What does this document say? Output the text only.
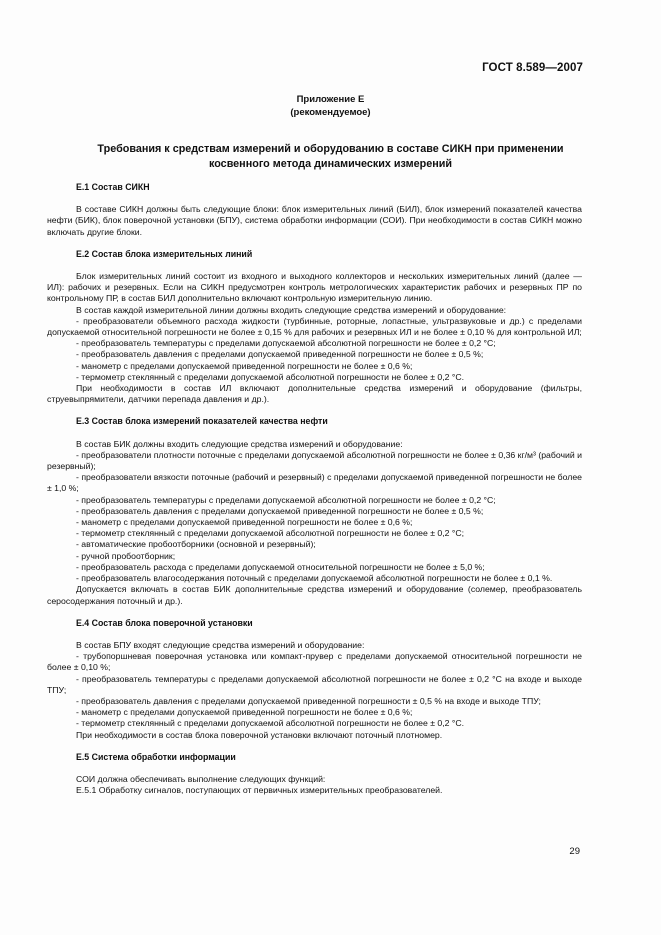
ГОСТ 8.589—2007
Приложение Е
(рекомендуемое)
Требования к средствам измерений и оборудованию в составе СИКН при применении
косвенного метода динамических измерений
Е.1 Состав СИКН

В составе СИКН должны быть следующие блоки: блок измерительных линий (БИЛ), блок измерений показателей качества нефти (БИК), блок поверочной установки (БПУ), система обработки информации (СОИ). При необходимости в состав СИКН можно включать другие блоки.

Е.2 Состав блока измерительных линий

Блок измерительных линий состоит из входного и выходного коллекторов и нескольких измерительных линий (далее — ИЛ): рабочих и резервных. Если на СИКН предусмотрен контроль метрологических характеристик рабочих и резервных ПР по контрольному ПР, в состав БИЛ дополнительно включают контрольную измерительную линию.

В состав каждой измерительной линии должны входить следующие средства измерений и оборудование:

- преобразователи объемного расхода жидкости (турбинные, роторные, лопастные, ультразвуковые и др.) с пределами допускаемой относительной погрешности не более ± 0,15 % для рабочих и резервных ИЛ и не более ± 0,10 % для контрольной ИЛ;

- преобразователь температуры с пределами допускаемой абсолютной погрешности не более ± 0,2 °С;

- преобразователь давления с пределами допускаемой приведенной погрешности не более ± 0,5 %;

- манометр с пределами допускаемой приведенной погрешности не более ± 0,6 %;

- термометр стеклянный с пределами допускаемой абсолютной погрешности не более ± 0,2 °С.

При необходимости в состав ИЛ включают дополнительные средства измерений и оборудование (фильтры, струевыпрямители, датчики перепада давления и др.).

Е.3 Состав блока измерений показателей качества нефти

В состав БИК должны входить следующие средства измерений и оборудование:

- преобразователи плотности поточные с пределами допускаемой абсолютной погрешности не более ± 0,36 кг/м³ (рабочий и резервный);

- преобразователи вязкости поточные (рабочий и резервный) с пределами допускаемой приведенной погрешности не более ± 1,0 %;

- преобразователь температуры с пределами допускаемой абсолютной погрешности не более ± 0,2 °С;

- преобразователь давления с пределами допускаемой приведенной погрешности не более ± 0,5 %;

- манометр с пределами допускаемой приведенной погрешности не более ± 0,6 %;

- термометр стеклянный с пределами допускаемой абсолютной погрешности не более ± 0,2 °С;

- автоматические пробоотборники (основной и резервный);

- ручной пробоотборник;

- преобразователь расхода с пределами допускаемой относительной погрешности не более ± 5,0 %;

- преобразователь влагосодержания поточный с пределами допускаемой абсолютной погрешности не более ± 0,1 %.

Допускается включать в состав БИК дополнительные средства измерений и оборудование (солемер, преобразователь серосодержания поточный и др.).

Е.4 Состав блока поверочной установки

В состав БПУ входят следующие средства измерений и оборудование:

- трубопоршневая поверочная установка или компакт-прувер с пределами допускаемой относительной погрешности не более ± 0,10 %;

- преобразователь температуры с пределами допускаемой абсолютной погрешности не более ± 0,2 °С на входе и выходе ТПУ;

- преобразователь давления с пределами допускаемой приведенной погрешности ± 0,5 % на входе и выходе ТПУ;

- манометр с пределами допускаемой приведенной погрешности не более ± 0,6 %;

- термометр стеклянный с пределами допускаемой абсолютной погрешности не более ± 0,2 °С.

При необходимости в состав блока поверочной установки включают поточный плотномер.

Е.5 Система обработки информации

СОИ должна обеспечивать выполнение следующих функций:

Е.5.1 Обработку сигналов, поступающих от первичных измерительных преобразователей.

29
